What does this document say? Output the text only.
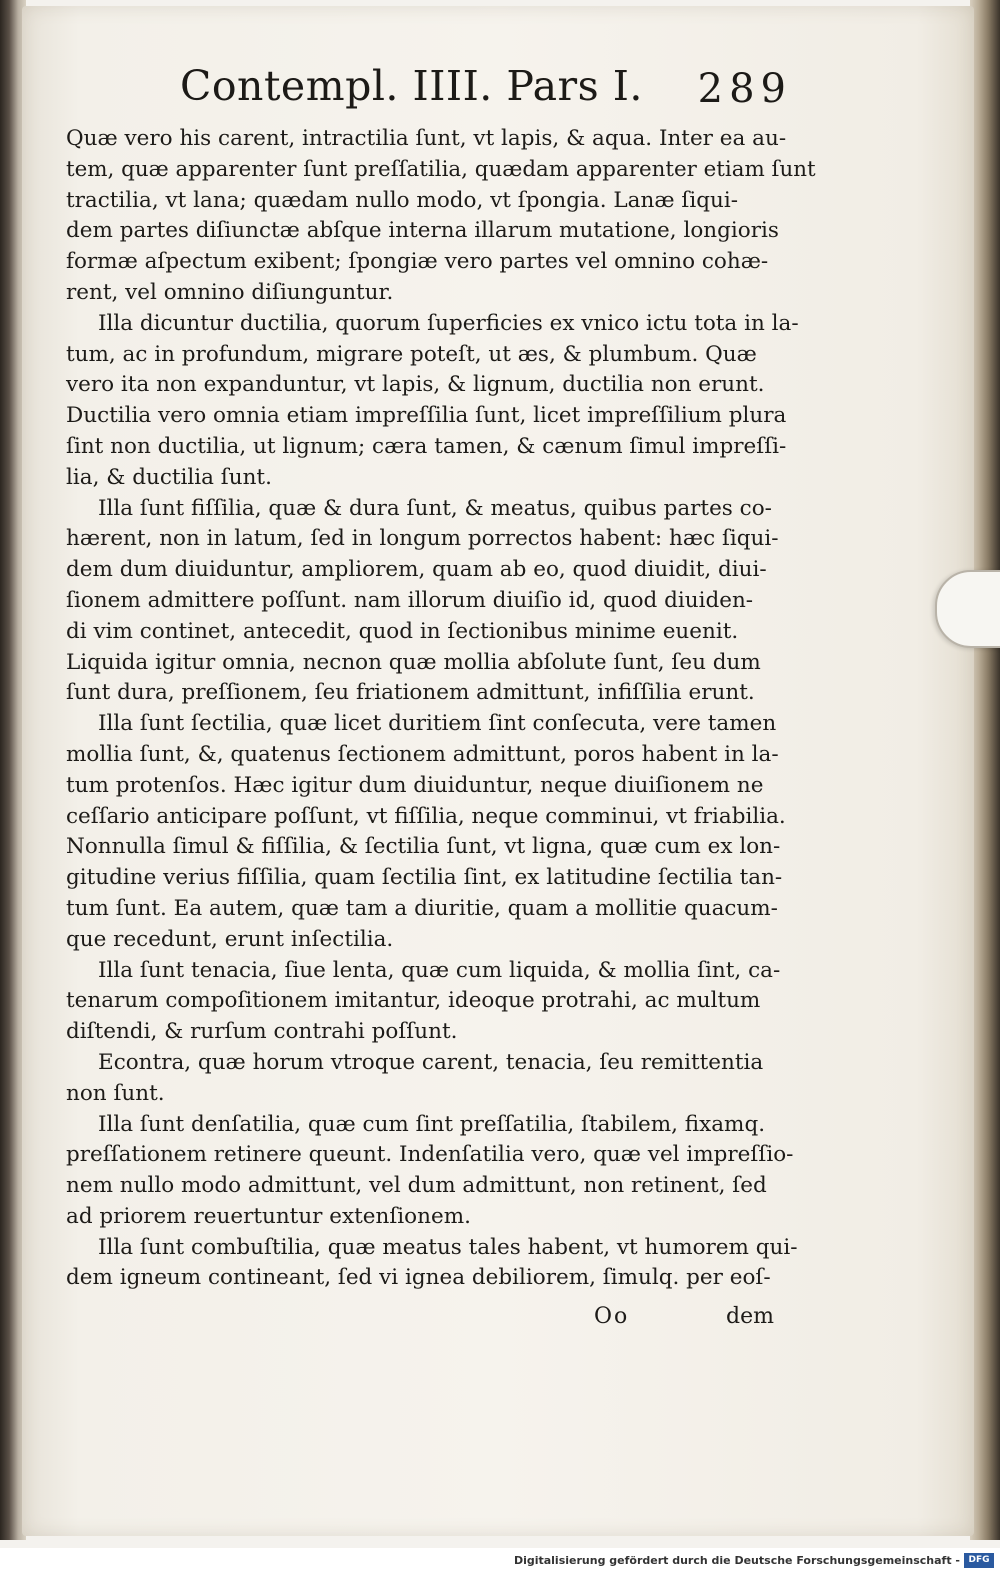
Contempl. IIII. Pars I. 289
Quæ vero his carent, intractilia ſunt, vt lapis, & aqua. Inter ea au-
tem, quæ apparenter ſunt preſſatilia, quædam apparenter etiam ſunt
tractilia, vt lana; quædam nullo modo, vt ſpongia. Lanæ ſiqui-
dem partes diſiunctæ abſque interna illarum mutatione, longioris
formæ aſpectum exibent; ſpongiæ vero partes vel omnino cohæ-
rent, vel omnino diſiunguntur.
Illa dicuntur ductilia, quorum ſuperficies ex vnico ictu tota in la-
tum, ac in profundum, migrare poteſt, ut æs, & plumbum. Quæ
vero ita non expanduntur, vt lapis, & lignum, ductilia non erunt.
Ductilia vero omnia etiam impreſſilia ſunt, licet impreſſilium plura
ſint non ductilia, ut lignum; cæra tamen, & cænum ſimul impreſſi-
lia, & ductilia ſunt.
Illa ſunt fiſſilia, quæ & dura ſunt, & meatus, quibus partes co-
hærent, non in latum, ſed in longum porrectos habent: hæc ſiqui-
dem dum diuiduntur, ampliorem, quam ab eo, quod diuidit, diui-
ſionem admittere poſſunt. nam illorum diuiſio id, quod diuiden-
di vim continet, antecedit, quod in ſectionibus minime euenit.
Liquida igitur omnia, necnon quæ mollia abſolute ſunt, ſeu dum
ſunt dura, preſſionem, ſeu friationem admittunt, infiſſilia erunt.
Illa ſunt ſectilia, quæ licet duritiem ſint conſecuta, vere tamen
mollia ſunt, &, quatenus ſectionem admittunt, poros habent in la-
tum protenſos. Hæc igitur dum diuiduntur, neque diuiſionem ne
ceſſario anticipare poſſunt, vt fiſſilia, neque comminui, vt friabilia.
Nonnulla ſimul & fiſſilia, & ſectilia ſunt, vt ligna, quæ cum ex lon-
gitudine verius fiſſilia, quam ſectilia ſint, ex latitudine ſectilia tan-
tum ſunt. Ea autem, quæ tam a diuritie, quam a mollitie quacum-
que recedunt, erunt inſectilia.
Illa ſunt tenacia, ſiue lenta, quæ cum liquida, & mollia ſint, ca-
tenarum compoſitionem imitantur, ideoque protrahi, ac multum
diſtendi, & rurſum contrahi poſſunt.
Econtra, quæ horum vtroque carent, tenacia, ſeu remittentia
non ſunt.
Illa ſunt denſatilia, quæ cum ſint preſſatilia, ſtabilem, fixamq.
preſſationem retinere queunt. Indenſatilia vero, quæ vel impreſſio-
nem nullo modo admittunt, vel dum admittunt, non retinent, ſed
ad priorem reuertuntur extenſionem.
Illa ſunt combuſtilia, quæ meatus tales habent, vt humorem qui-
dem igneum contineant, ſed vi ignea debiliorem, ſimulq. per eoſ-
Oo	dem
Digitalisierung gefördert durch die Deutsche Forschungsgemeinschaft - DFG
